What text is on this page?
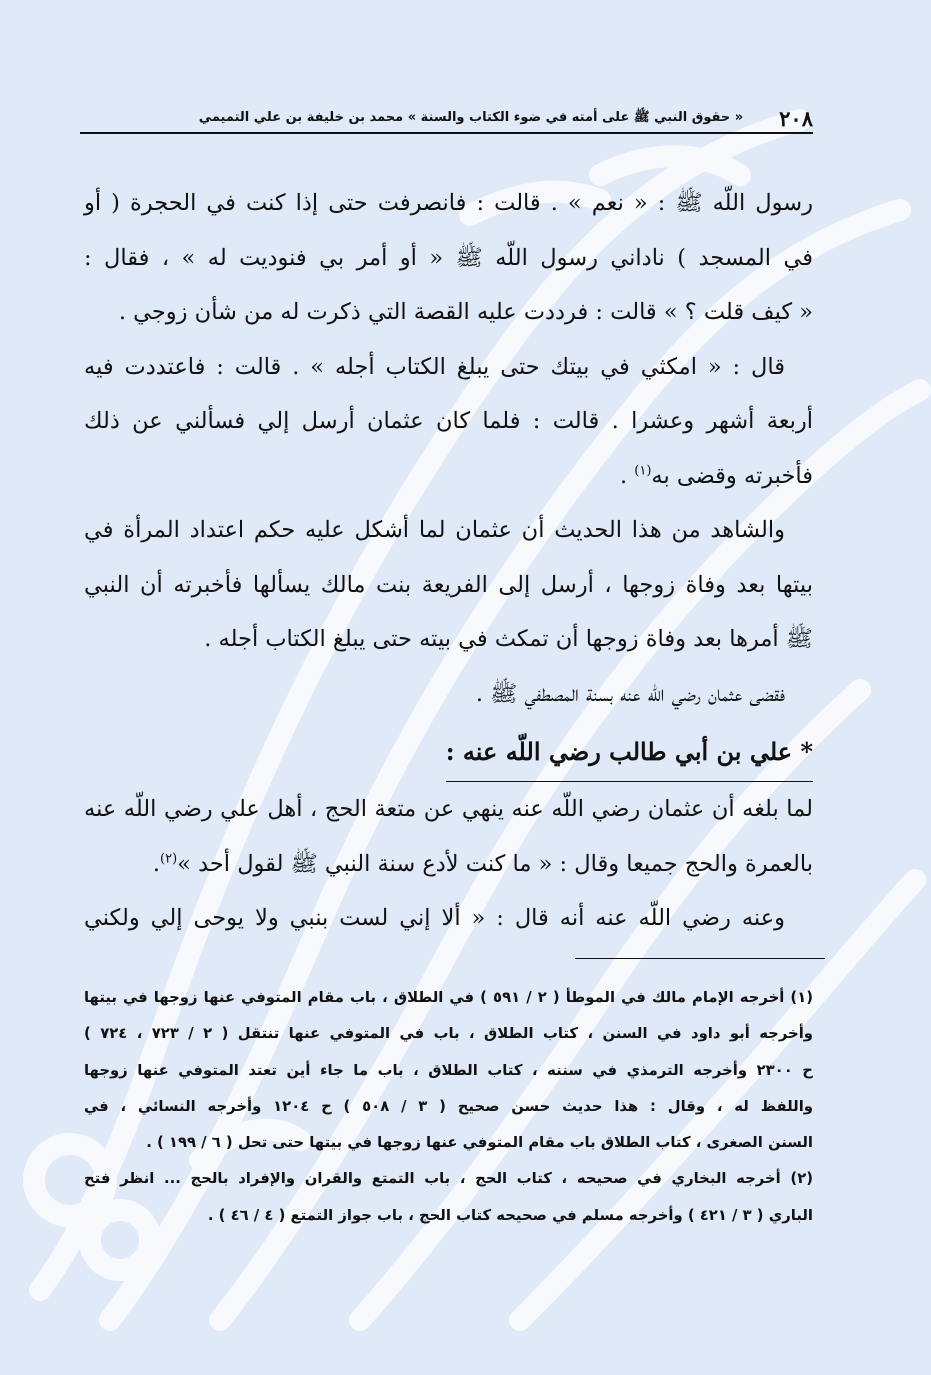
٢٠٨
« حقوق النبي ﷺ على أمته في ضوء الكتاب والسنة » محمد بن خليفة بن علي التميمي

رسول اللّه ﷺ : « نعم » . قالت : فانصرفت حتى إذا كنت في الحجرة ( أو
في المسجد ) ناداني رسول اللّه ﷺ « أو أمر بي فنوديت له » ، فقال :
« كيف قلت ؟ » قالت : فرددت عليه القصة التي ذكرت له من شأن زوجي .

قال : « امكثي في بيتك حتى يبلغ الكتاب أجله » . قالت : فاعتددت فيه
أربعة أشهر وعشرا . قالت : فلما كان عثمان أرسل إلي فسألني عن ذلك
فأخبرته وقضى به$^{(١)}$ .

والشاهد من هذا الحديث أن عثمان لما أشكل عليه حكم اعتداد المرأة في
بيتها بعد وفاة زوجها ، أرسل إلى الفريعة بنت مالك يسألها فأخبرته أن النبي
ﷺ أمرها بعد وفاة زوجها أن تمكث في بيته حتى يبلغ الكتاب أجله .

فقضى عثمان رضي اللّه عنه بسنة المصطفي ﷺ .

* علي بن أبي طالب رضي اللّه عنه :

لما بلغه أن عثمان رضي اللّه عنه ينهي عن متعة الحج ، أهل علي رضي اللّه عنه
بالعمرة والحج جميعا وقال : « ما كنت لأدع سنة النبي ﷺ لقول أحد »$^{(٢)}$.

وعنه رضي اللّه عنه أنه قال : « ألا إني لست بنبي ولا يوحى إلي ولكني

(١) أخرجه الإمام مالك في الموطأ ( ٢ / ٥٩١ ) في الطلاق ، باب مقام المتوفي عنها زوجها في بيتها
وأخرجه أبو داود في السنن ، كتاب الطلاق ، باب في المتوفي عنها تنتقل ( ٢ / ٧٢٣ ، ٧٢٤ )
ح ٢٣٠٠ وأخرجه الترمذي في سننه ، كتاب الطلاق ، باب ما جاء أين تعتد المتوفي عنها زوجها
واللفظ له ، وقال : هذا حديث حسن صحيح ( ٣ / ٥٠٨ ) ح ١٢٠٤ وأخرجه النسائي ، في
السنن الصغرى ، كتاب الطلاق باب مقام المتوفي عنها زوجها في بيتها حتى تحل ( ٦ / ١٩٩ ) .
(٢) أخرجه البخاري في صحيحه ، كتاب الحج ، باب التمتع والقران والإفراد بالحج ... انظر فتح
الباري ( ٣ / ٤٢١ ) وأخرجه مسلم في صحيحه كتاب الحج ، باب جواز التمتع ( ٤ / ٤٦ ) .
